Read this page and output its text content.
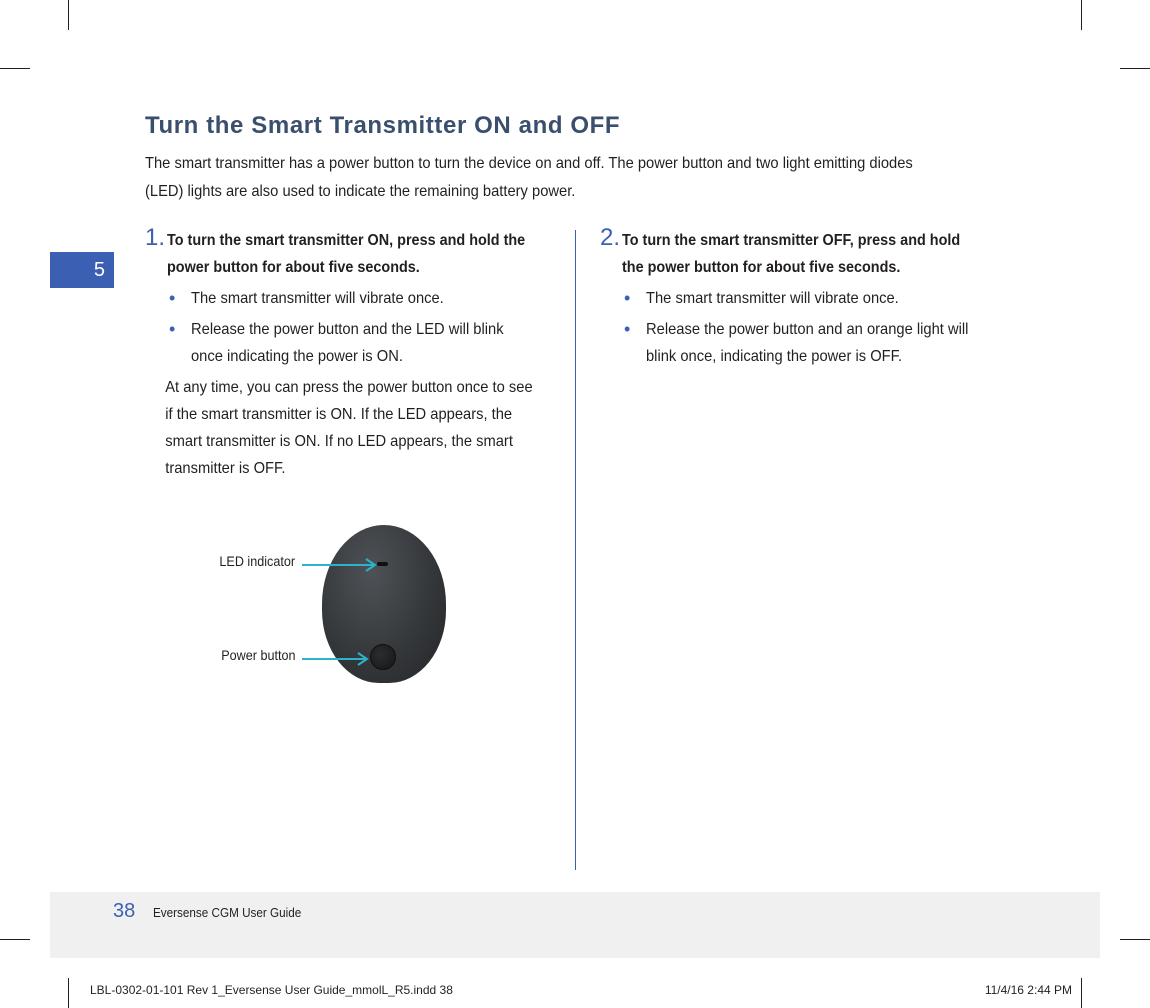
5
Turn the Smart Transmitter ON and OFF

The smart transmitter has a power button to turn the device on and off. The power button and two light emitting diodes (LED) lights are also used to indicate the remaining battery power.

1. To turn the smart transmitter ON, press and hold the power button for about five seconds.

• The smart transmitter will vibrate once.
• Release the power button and the LED will blink once indicating the power is ON.

At any time, you can press the power button once to see if the smart transmitter is ON. If the LED appears, the smart transmitter is ON. If no LED appears, the smart transmitter is OFF.

2. To turn the smart transmitter OFF, press and hold the power button for about five seconds.

• The smart transmitter will vibrate once.
• Release the power button and an orange light will blink once, indicating the power is OFF.
LED indicator
Power button
38 Eversense CGM User Guide
LBL-0302-01-101 Rev 1_Eversense User Guide_mmolL_R5.indd 38	11/4/16 2:44 PM
